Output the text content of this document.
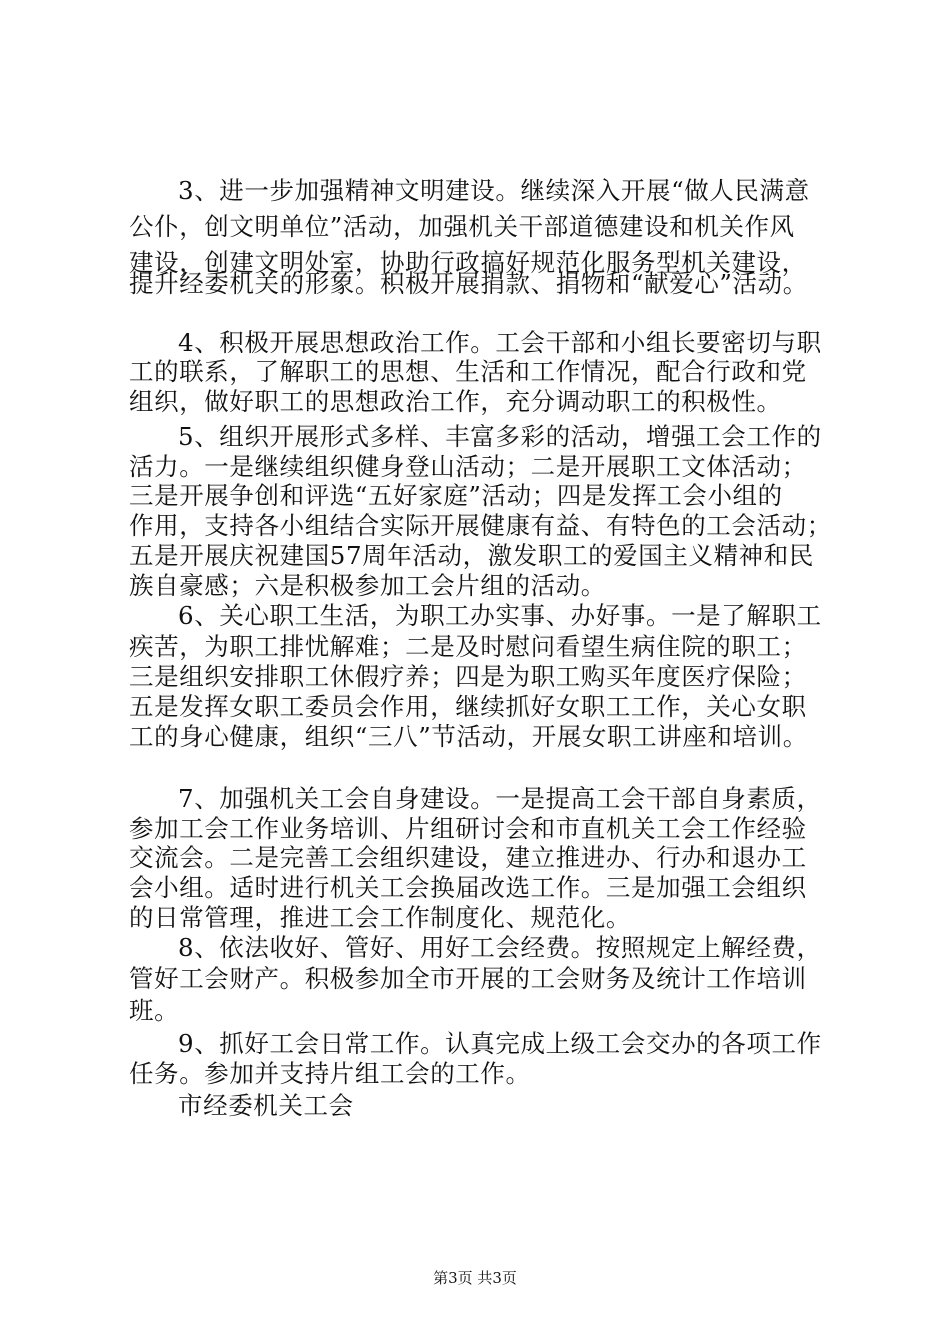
3、进一步加强精神文明建设。继续深入开展“做人民满意
公仆，创文明单位”活动，加强机关干部道德建设和机关作风
建设，创建文明处室，协助行政搞好规范化服务型机关建设，
提升经委机关的形象。积极开展捐款、捐物和“献爱心”活动。
4、积极开展思想政治工作。工会干部和小组长要密切与职
工的联系，了解职工的思想、生活和工作情况，配合行政和党
组织，做好职工的思想政治工作，充分调动职工的积极性。
5、组织开展形式多样、丰富多彩的活动，增强工会工作的
活力。一是继续组织健身登山活动；二是开展职工文体活动；
三是开展争创和评选“五好家庭”活动；四是发挥工会小组的
作用，支持各小组结合实际开展健康有益、有特色的工会活动；
五是开展庆祝建国57周年活动，激发职工的爱国主义精神和民
族自豪感；六是积极参加工会片组的活动。
6、关心职工生活，为职工办实事、办好事。一是了解职工
疾苦，为职工排忧解难；二是及时慰问看望生病住院的职工；
三是组织安排职工休假疗养；四是为职工购买年度医疗保险；
五是发挥女职工委员会作用，继续抓好女职工工作，关心女职
工的身心健康，组织“三八”节活动，开展女职工讲座和培训。
7、加强机关工会自身建设。一是提高工会干部自身素质，
参加工会工作业务培训、片组研讨会和市直机关工会工作经验
交流会。二是完善工会组织建设，建立推进办、行办和退办工
会小组。适时进行机关工会换届改选工作。三是加强工会组织
的日常管理，推进工会工作制度化、规范化。
8、依法收好、管好、用好工会经费。按照规定上解经费，
管好工会财产。积极参加全市开展的工会财务及统计工作培训
班。
9、抓好工会日常工作。认真完成上级工会交办的各项工作
任务。参加并支持片组工会的工作。
市经委机关工会
第3页 共3页
